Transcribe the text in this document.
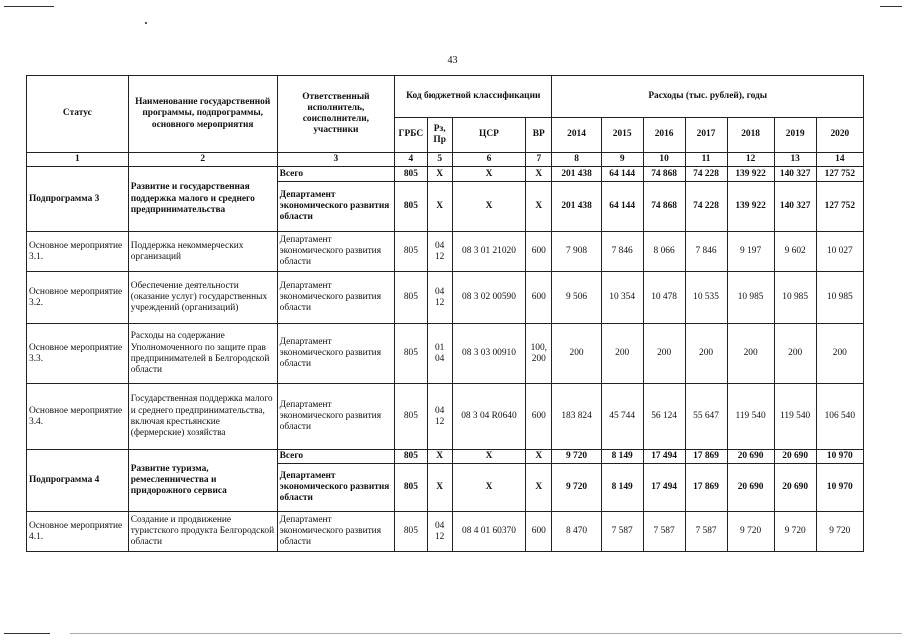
43
Статус	Наименование государственной программы, подпрограммы, основного мероприятия	Ответственный исполнитель, соисполнители, участники	Код бюджетной классификации				Расходы (тыс. рублей), годы						
			ГРБС	Рз, Пр	ЦСР	ВР	2014	2015	2016	2017	2018	2019	2020
1	2	3	4	5	6	7	8	9	10	11	12	13	14
Подпрограмма 3	Развитие и государственная поддержка малого и среднего предпринимательства	Всего	805	Х	Х	Х	201 438	64 144	74 868	74 228	139 922	140 327	127 752
		Департамент экономического развития области	805	Х	Х	Х	201 438	64 144	74 868	74 228	139 922	140 327	127 752
Основное мероприятие 3.1.	Поддержка некоммерческих организаций	Департамент экономического развития области	805	04 12	08 3 01 21020	600	7 908	7 846	8 066	7 846	9 197	9 602	10 027
Основное мероприятие 3.2.	Обеспечение деятельности (оказание услуг) государственных учреждений (организаций)	Департамент экономического развития области	805	04 12	08 3 02 00590	600	9 506	10 354	10 478	10 535	10 985	10 985	10 985
Основное мероприятие 3.3.	Расходы на содержание Уполномоченного по защите прав предпринимателей в Белгородской области	Департамент экономического развития области	805	01 04	08 3 03 00910	100, 200	200	200	200	200	200	200	200
Основное мероприятие 3.4.	Государственная поддержка малого и среднего предпринимательства, включая крестьянские (фермерские) хозяйства	Департамент экономического развития области	805	04 12	08 3 04 R0640	600	183 824	45 744	56 124	55 647	119 540	119 540	106 540
Подпрограмма 4	Развитие туризма, ремесленничества и придорожного сервиса	Всего	805	Х	Х	Х	9 720	8 149	17 494	17 869	20 690	20 690	10 970
		Департамент экономического развития области	805	Х	Х	Х	9 720	8 149	17 494	17 869	20 690	20 690	10 970
Основное мероприятие 4.1.	Создание и продвижение туристского продукта Белгородской области	Департамент экономического развития области	805	04 12	08 4 01 60370	600	8 470	7 587	7 587	7 587	9 720	9 720	9 720
